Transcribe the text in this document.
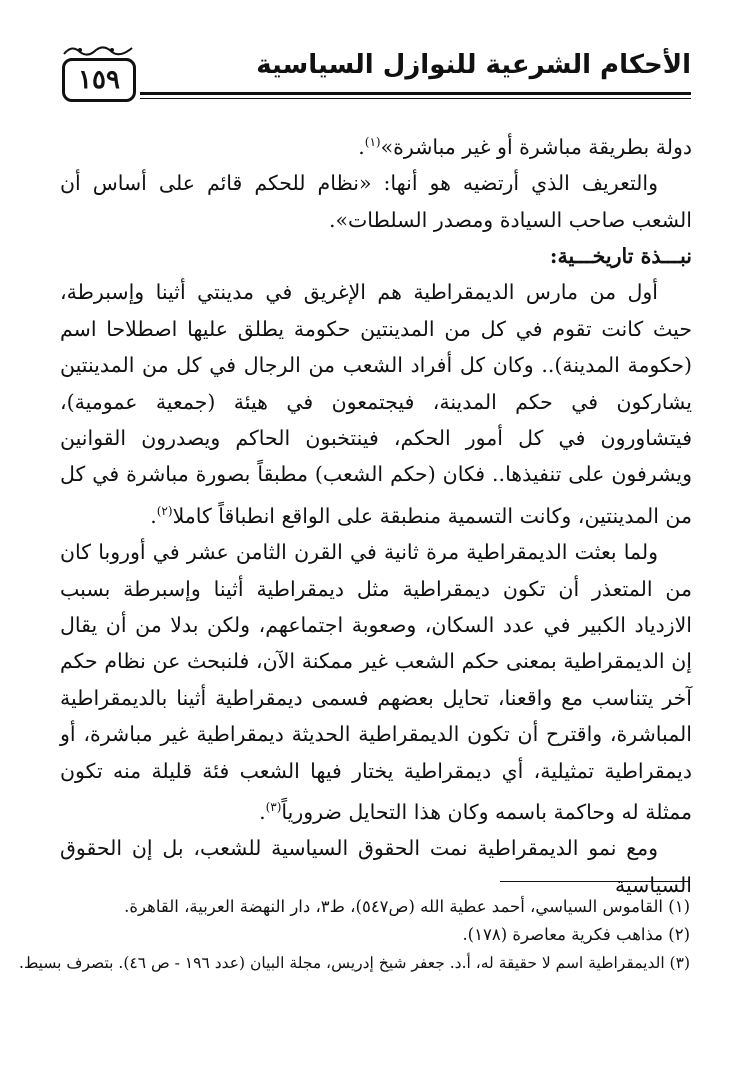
١٥٩	الأحكام الشرعية للنوازل السياسية

دولة بطريقة مباشرة أو غير مباشرة»$^{(١)}$.

والتعريف الذي أرتضيه هو أنها: «نظام للحكم قائم على أساس أن الشعب صاحب السيادة ومصدر السلطات».

نبـــذة تاريخـــية:

أول من مارس الديمقراطية هم الإغريق في مدينتي أثينا وإسبرطة، حيث كانت تقوم في كل من المدينتين حكومة يطلق عليها اصطلاحا اسم (حكومة المدينة).. وكان كل أفراد الشعب من الرجال في كل من المدينتين يشاركون في حكم المدينة، فيجتمعون في هيئة (جمعية عمومية)، فيتشاورون في كل أمور الحكم، فينتخبون الحاكم ويصدرون القوانين ويشرفون على تنفيذها.. فكان (حكم الشعب) مطبقاً بصورة مباشرة في كل من المدينتين، وكانت التسمية منطبقة على الواقع انطباقاً كاملا$^{(٢)}$.

ولما بعثت الديمقراطية مرة ثانية في القرن الثامن عشر في أوروبا كان من المتعذر أن تكون ديمقراطية مثل ديمقراطية أثينا وإسبرطة بسبب الازدياد الكبير في عدد السكان، وصعوبة اجتماعهم، ولكن بدلا من أن يقال إن الديمقراطية بمعنى حكم الشعب غير ممكنة الآن، فلنبحث عن نظام حكم آخر يتناسب مع واقعنا، تحايل بعضهم فسمى ديمقراطية أثينا بالديمقراطية المباشرة، واقترح أن تكون الديمقراطية الحديثة ديمقراطية غير مباشرة، أو ديمقراطية تمثيلية، أي ديمقراطية يختار فيها الشعب فئة قليلة منه تكون ممثلة له وحاكمة باسمه وكان هذا التحايل ضرورياً$^{(٣)}$.

ومع نمو الديمقراطية نمت الحقوق السياسية للشعب، بل إن الحقوق السياسية

(١) القاموس السياسي، أحمد عطية الله (ص٥٤٧)، ط٣، دار النهضة العربية، القاهرة.
(٢) مذاهب فكرية معاصرة (١٧٨).
(٣) الديمقراطية اسم لا حقيقة له، أ.د. جعفر شيخ إدريس، مجلة البيان (عدد ١٩٦ - ص ٤٦). بتصرف بسيط.
